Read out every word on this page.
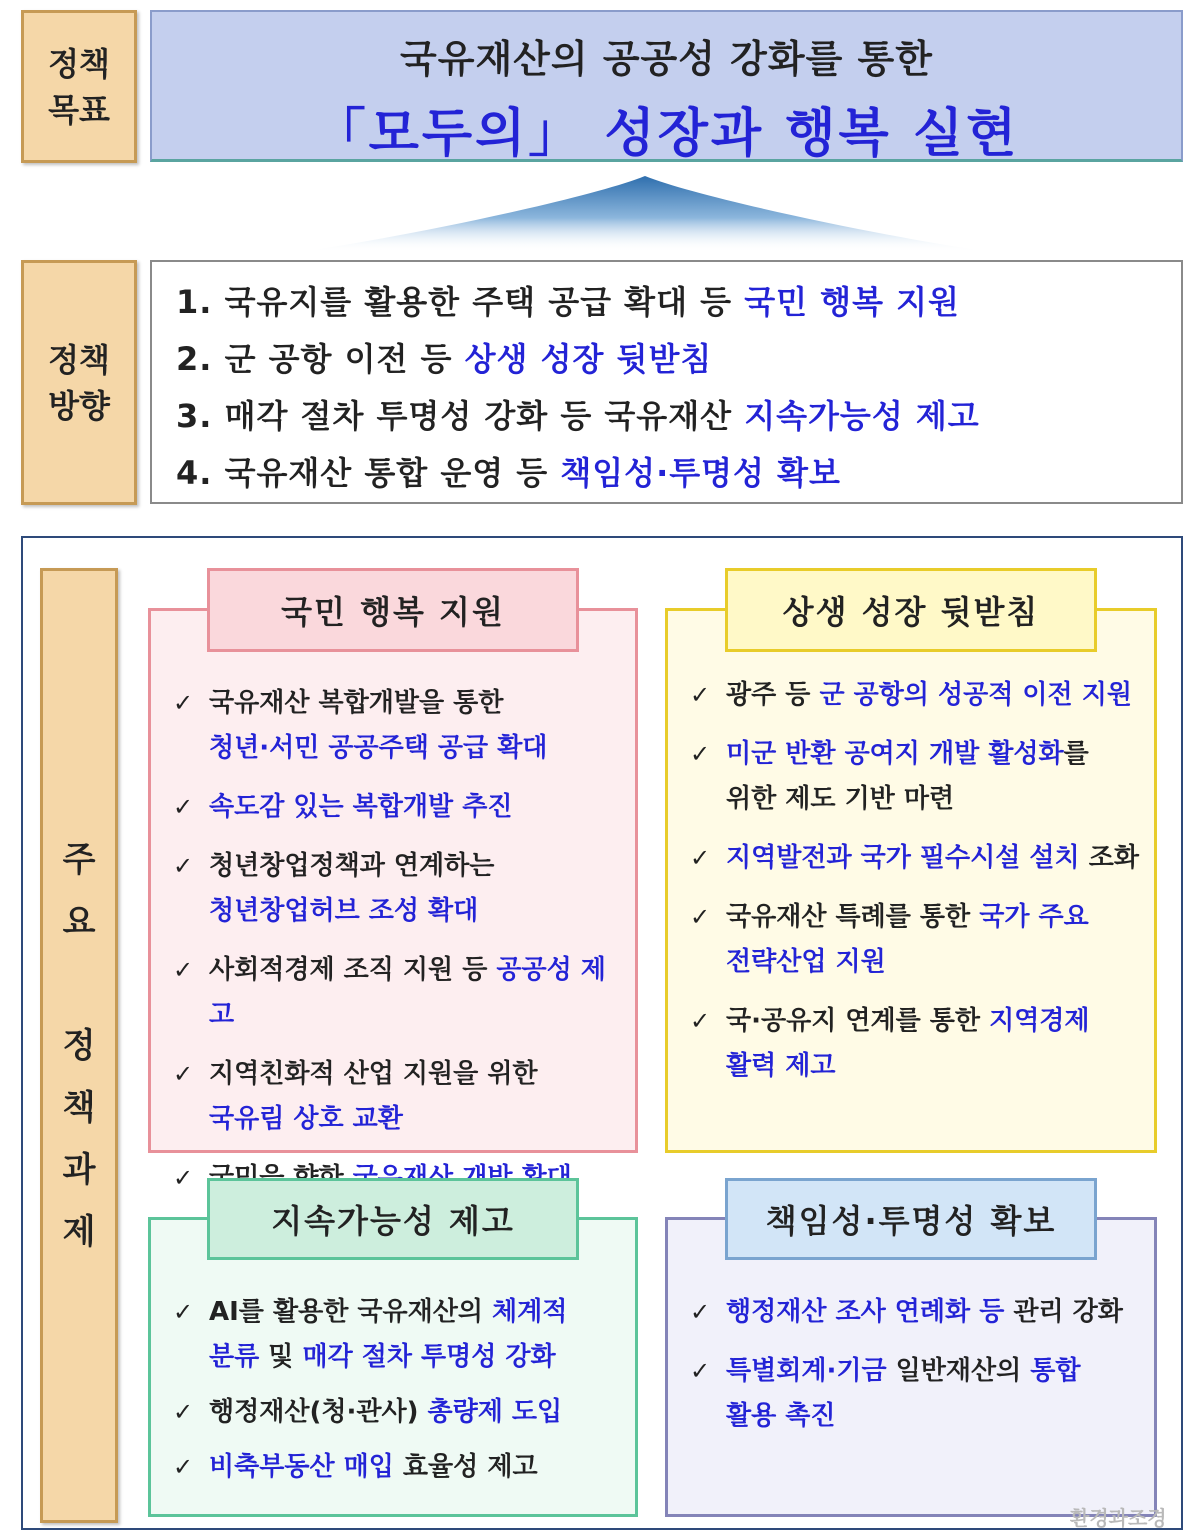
정책
목표
국유재산의 공공성 강화를 통한
「모두의」 성장과 행복 실현
정책
방향
1. 국유지를 활용한 주택 공급 확대 등 국민 행복 지원
2. 군 공항 이전 등 상생 성장 뒷받침
3. 매각 절차 투명성 강화 등 국유재산 지속가능성 제고
4. 국유재산 통합 운영 등 책임성·투명성 확보
주
요

정
책
과
제
✓ 국유재산 복합개발을 통한
청년·서민 공공주택 공급 확대
✓ 속도감 있는 복합개발 추진
✓ 청년창업정책과 연계하는
청년창업허브 조성 확대
✓ 사회적경제 조직 지원 등 공공성 제고
✓ 지역친화적 산업 지원을 위한
국유림 상호 교환
✓
국민 행복 지원
✓ 광주 등 군 공항의 성공적 이전 지원
✓ 미군 반환 공여지 개발 활성화를
위한 제도 기반 마련
✓ 지역발전과 국가 필수시설 설치 조화
✓ 국유재산 특례를 통한 국가 주요
전략산업 지원
✓ 국·공유지 연계를 통한 지역경제
활력 제고
상생 성장 뒷받침
✓ AI를 활용한 국유재산의 체계적
분류 및 매각 절차 투명성 강화
✓ 행정재산(청·관사) 총량제 도입
✓ 비축부동산 매입 효율성 제고
지속가능성 제고
✓ 행정재산 조사 연례화 등 관리 강화
✓ 특별회계·기금 일반재산의 통합
활용 촉진
책임성·투명성 확보
환경과조경
